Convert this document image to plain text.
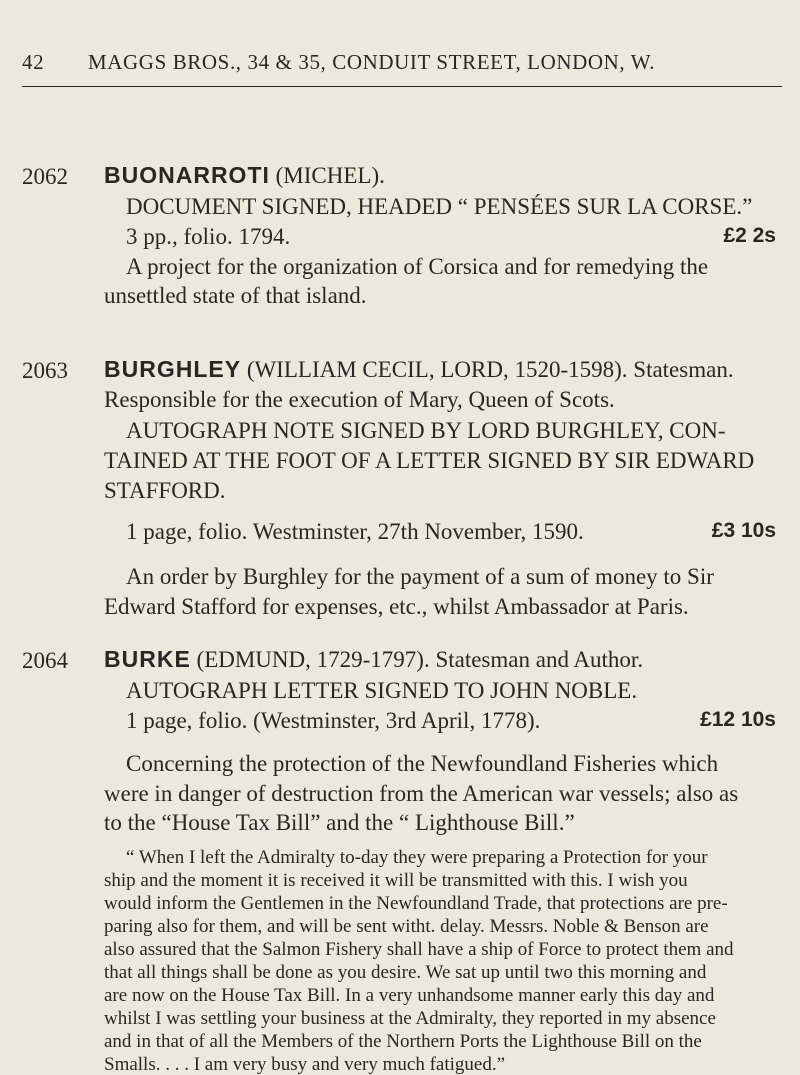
42 MAGGS BROS., 34 & 35, CONDUIT STREET, LONDON, W.
2062 BUONARROTI (MICHEL).
DOCUMENT SIGNED, HEADED “ PENSÉES SUR LA CORSE.”
3 pp., folio. 1794.	£2 2s
A project for the organization of Corsica and for remedying the
unsettled state of that island.
2063 BURGHLEY (WILLIAM CECIL, LORD, 1520-1598). Statesman.
Responsible for the execution of Mary, Queen of Scots.
AUTOGRAPH NOTE SIGNED BY LORD BURGHLEY, CON-
TAINED AT THE FOOT OF A LETTER SIGNED BY SIR EDWARD
STAFFORD.
1 page, folio. Westminster, 27th November, 1590.	£3 10s
An order by Burghley for the payment of a sum of money to Sir
Edward Stafford for expenses, etc., whilst Ambassador at Paris.
2064 BURKE (EDMUND, 1729-1797). Statesman and Author.
AUTOGRAPH LETTER SIGNED TO JOHN NOBLE.
1 page, folio. (Westminster, 3rd April, 1778).	£12 10s
Concerning the protection of the Newfoundland Fisheries which
were in danger of destruction from the American war vessels; also as
to the “House Tax Bill” and the “ Lighthouse Bill.”
“ When I left the Admiralty to-day they were preparing a Protection for your
ship and the moment it is received it will be transmitted with this. I wish you
would inform the Gentlemen in the Newfoundland Trade, that protections are pre-
paring also for them, and will be sent witht. delay. Messrs. Noble & Benson are
also assured that the Salmon Fishery shall have a ship of Force to protect them and
that all things shall be done as you desire. We sat up until two this morning and
are now on the House Tax Bill. In a very unhandsome manner early this day and
whilst I was settling your business at the Admiralty, they reported in my absence
and in that of all the Members of the Northern Ports the Lighthouse Bill on the
Smalls. . . . I am very busy and very much fatigued.”
